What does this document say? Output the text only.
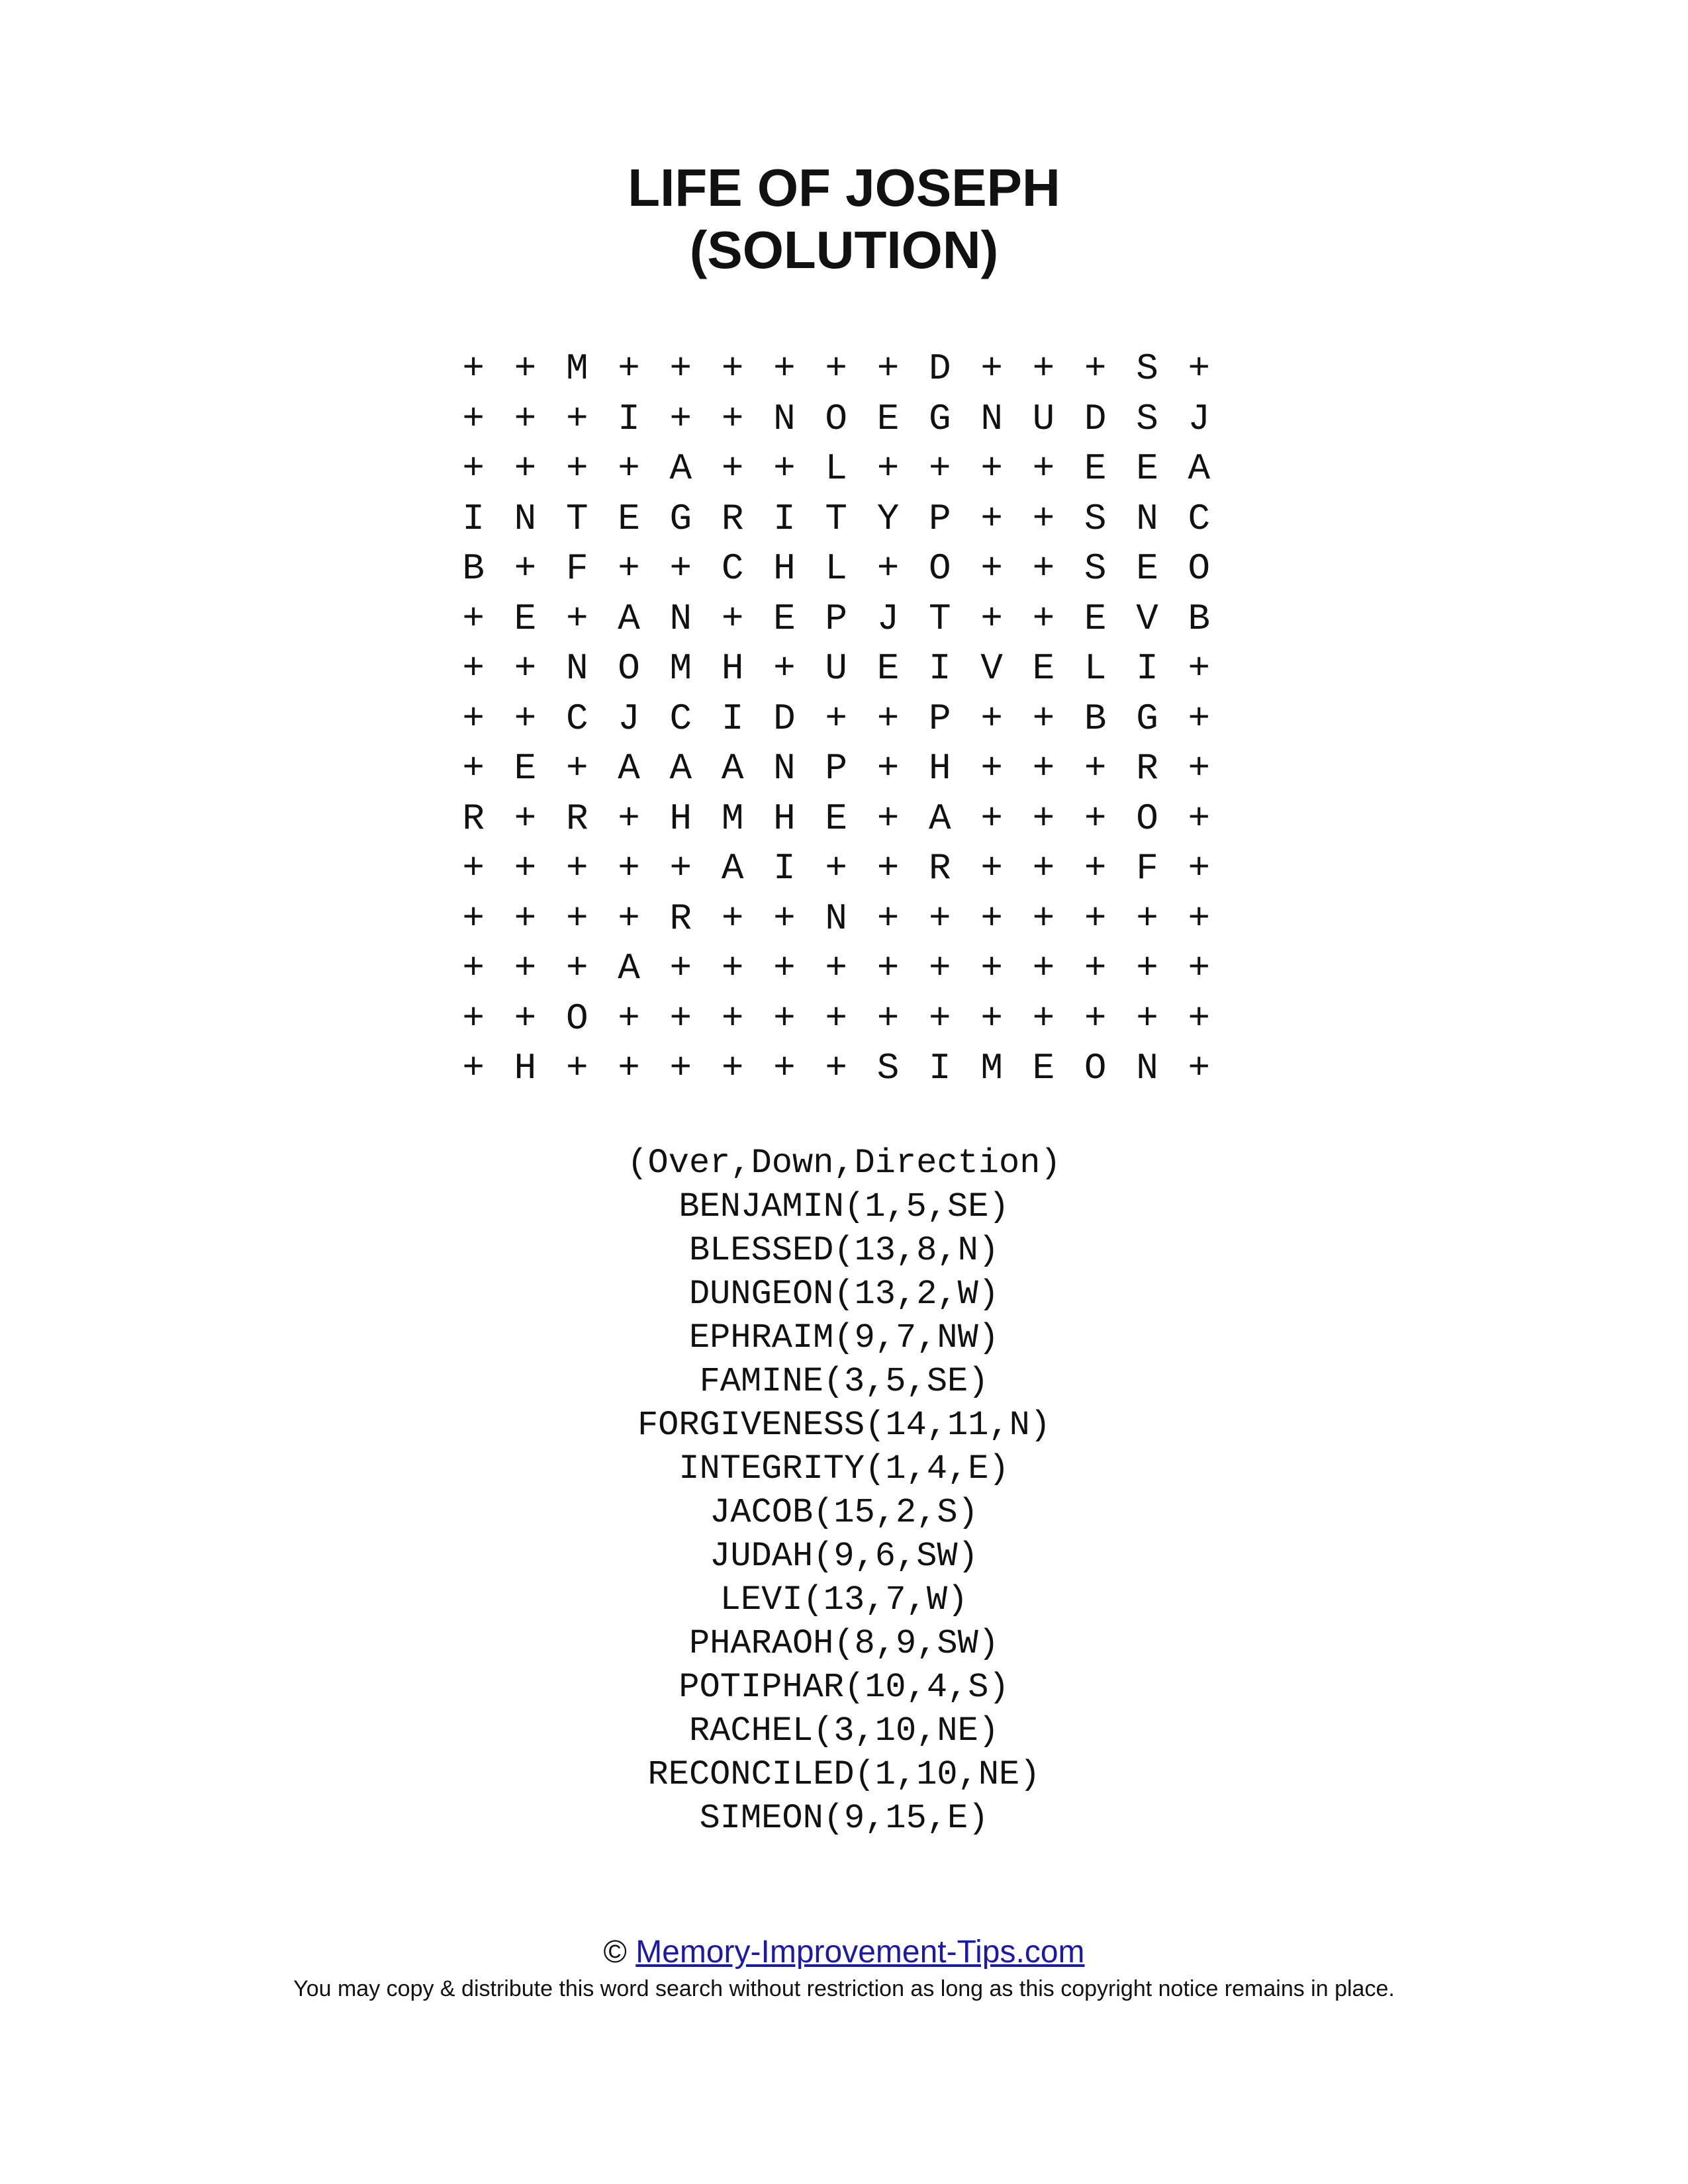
LIFE OF JOSEPH
(SOLUTION)
+ + M + + + + + + D + + + S +
+ + + I + + N O E G N U D S J
+ + + + A + + L + + + + E E A
I N T E G R I T Y P + + S N C
B + F + + C H L + O + + S E O
+ E + A N + E P J T + + E V B
+ + N O M H + U E I V E L I +
+ + C J C I D + + P + + B G +
+ E + A A A N P + H + + + R +
R + R + H M H E + A + + + O +
+ + + + + A I + + R + + + F +
+ + + + R + + N + + + + + + +
+ + + A + + + + + + + + + + +
+ + O + + + + + + + + + + + +
+ H + + + + + + S I M E O N +
(Over,Down,Direction)
BENJAMIN(1,5,SE)
BLESSED(13,8,N)
DUNGEON(13,2,W)
EPHRAIM(9,7,NW)
FAMINE(3,5,SE)
FORGIVENESS(14,11,N)
INTEGRITY(1,4,E)
JACOB(15,2,S)
JUDAH(9,6,SW)
LEVI(13,7,W)
PHARAOH(8,9,SW)
POTIPHAR(10,4,S)
RACHEL(3,10,NE)
RECONCILED(1,10,NE)
SIMEON(9,15,E)
© Memory-Improvement-Tips.com
You may copy & distribute this word search without restriction as long as this copyright notice remains in place.
